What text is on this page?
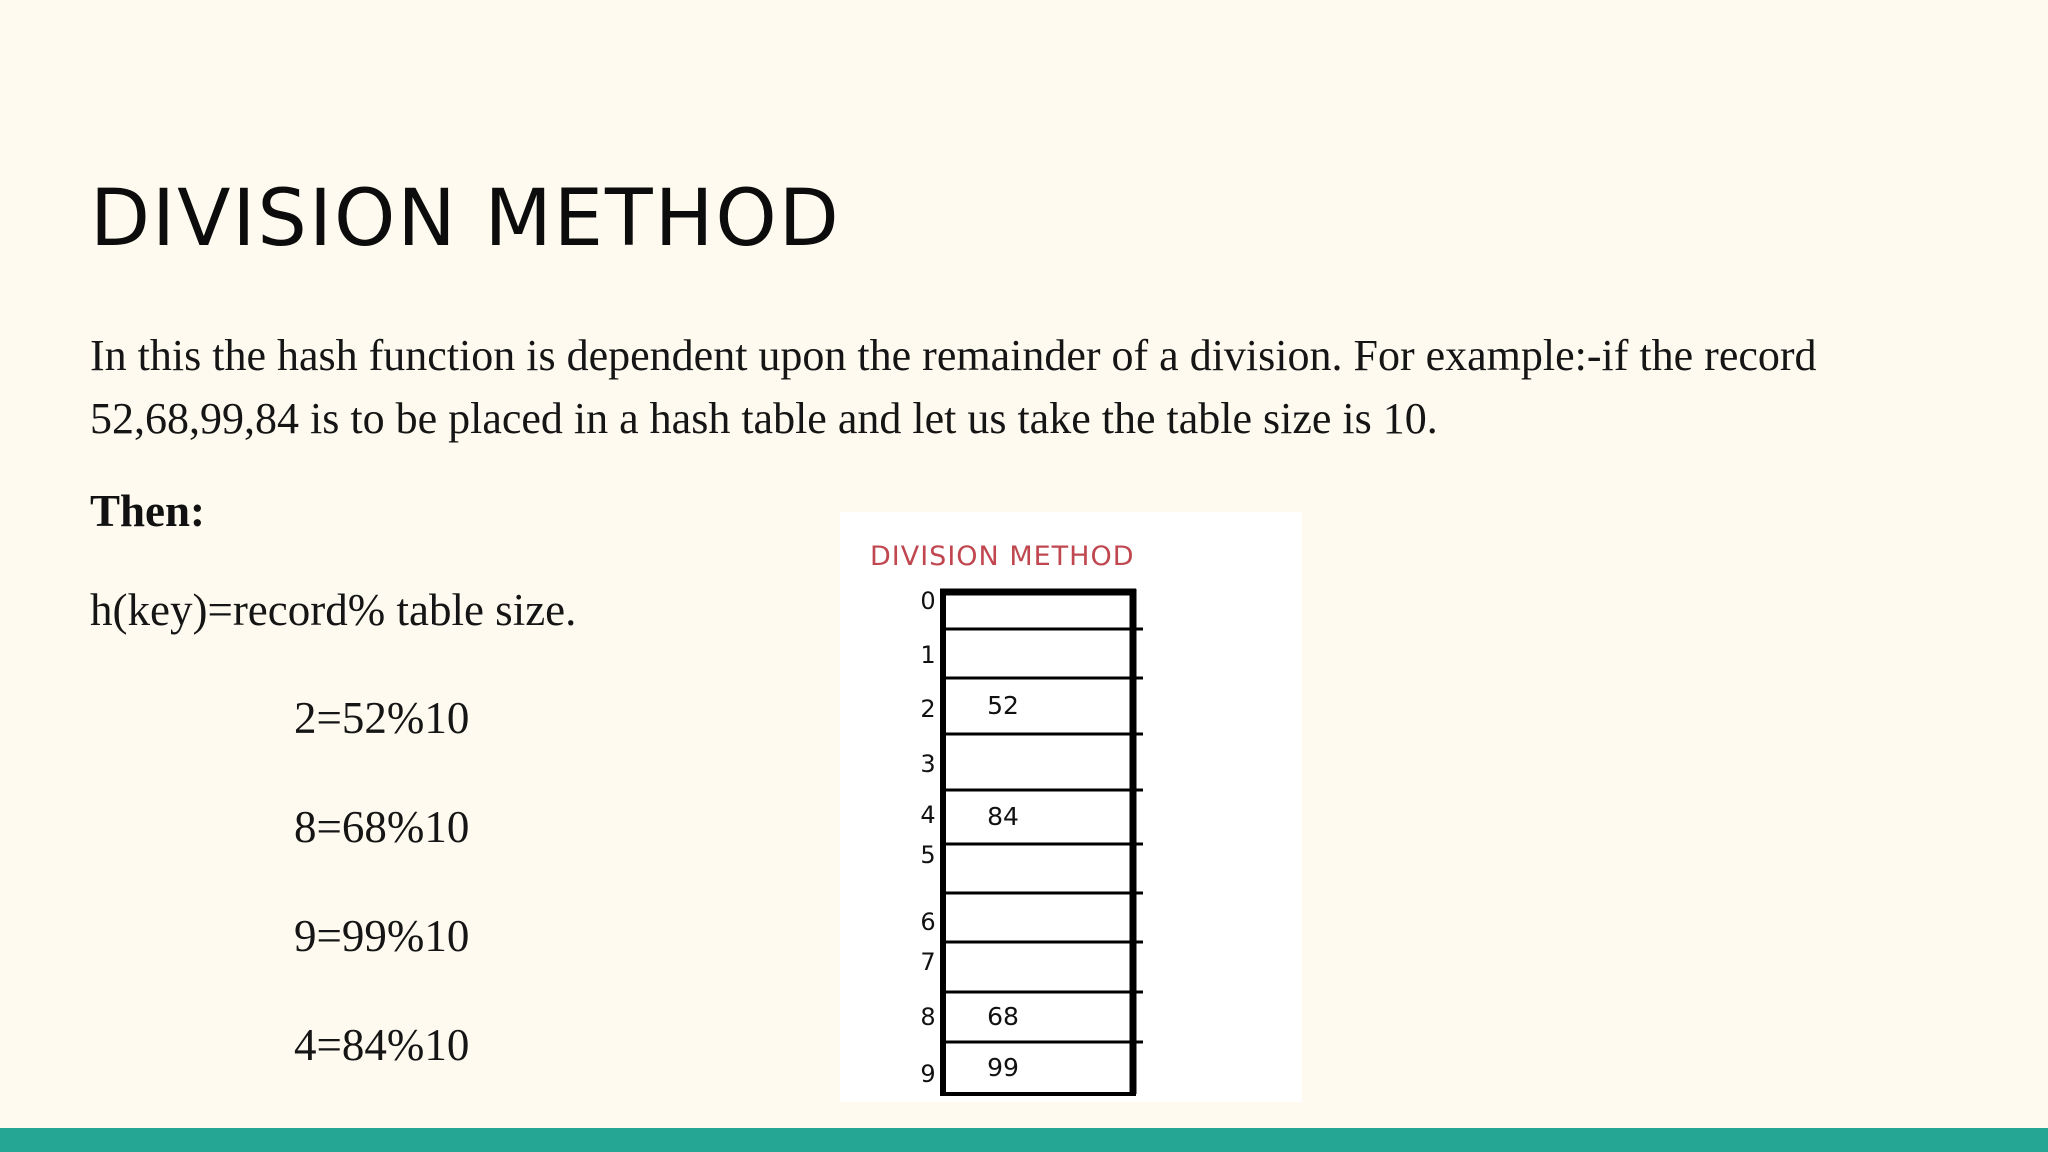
DIVISION METHOD
In this the hash function is dependent upon the remainder of a division. For example:-if the record 52,68,99,84 is to be placed in a hash table and let us take the table size is 10.
Then:
h(key)=record% table size.
2=52%10
8=68%10
9=99%10
4=84%10
DIVISION METHOD
0
1
2 52
3
4 84
5
6
7
8 68
9 99
